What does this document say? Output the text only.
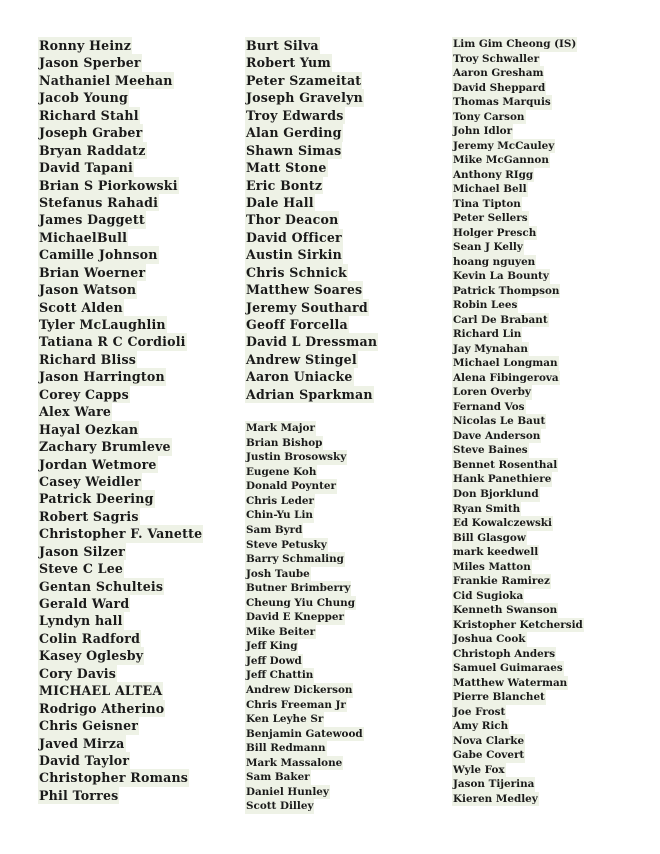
Ronny Heinz
Jason Sperber
Nathaniel Meehan
Jacob Young
Richard Stahl
Joseph Graber
Bryan Raddatz
David Tapani
Brian S Piorkowski
Stefanus Rahadi
James Daggett
MichaelBull
Camille Johnson
Brian Woerner
Jason Watson
Scott Alden
Tyler McLaughlin
Tatiana R C Cordioli
Richard Bliss
Jason Harrington
Corey Capps
Alex Ware
Hayal Oezkan
Zachary Brumleve
Jordan Wetmore
Casey Weidler
Patrick Deering
Robert Sagris
Christopher F. Vanette
Jason Silzer
Steve C Lee
Gentan Schulteis
Gerald Ward
Lyndyn hall
Colin Radford
Kasey Oglesby
Cory Davis
MICHAEL ALTEA
Rodrigo Atherino
Chris Geisner
Javed Mirza
David Taylor
Christopher Romans
Phil Torres
Burt Silva
Robert Yum
Peter Szameitat
Joseph Gravelyn
Troy Edwards
Alan Gerding
Shawn Simas
Matt Stone
Eric Bontz
Dale Hall
Thor Deacon
David Officer
Austin Sirkin
Chris Schnick
Matthew Soares
Jeremy Southard
Geoff Forcella
David L Dressman
Andrew Stingel
Aaron Uniacke
Adrian Sparkman
Mark Major
Brian Bishop
Justin Brosowsky
Eugene Koh
Donald Poynter
Chris Leder
Chin-Yu Lin
Sam Byrd
Steve Petusky
Barry Schmaling
Josh Taube
Butner Brimberry
Cheung Yiu Chung
David E Knepper
Mike Beiter
Jeff King
Jeff Dowd
Jeff Chattin
Andrew Dickerson
Chris Freeman Jr
Ken Leyhe Sr
Benjamin Gatewood
Bill Redmann
Mark Massalone
Sam Baker
Daniel Hunley
Scott Dilley
Lim Gim Cheong (IS)
Troy Schwaller
Aaron Gresham
David Sheppard
Thomas Marquis
Tony Carson
John Idlor
Jeremy McCauley
Mike McGannon
Anthony RIgg
Michael Bell
Tina Tipton
Peter Sellers
Holger Presch
Sean J Kelly
hoang nguyen
Kevin La Bounty
Patrick Thompson
Robin Lees
Carl De Brabant
Richard Lin
Jay Mynahan
Michael Longman
Alena Fibingerova
Loren Overby
Fernand Vos
Nicolas Le Baut
Dave Anderson
Steve Baines
Bennet Rosenthal
Hank Panethiere
Don Bjorklund
Ryan Smith
Ed Kowalczewski
Bill Glasgow
mark keedwell
Miles Matton
Frankie Ramirez
Cid Sugioka
Kenneth Swanson
Kristopher Ketchersid
Joshua Cook
Christoph Anders
Samuel Guimaraes
Matthew Waterman
Pierre Blanchet
Joe Frost
Amy Rich
Nova Clarke
Gabe Covert
Wyle Fox
Jason Tijerina
Kieren Medley
